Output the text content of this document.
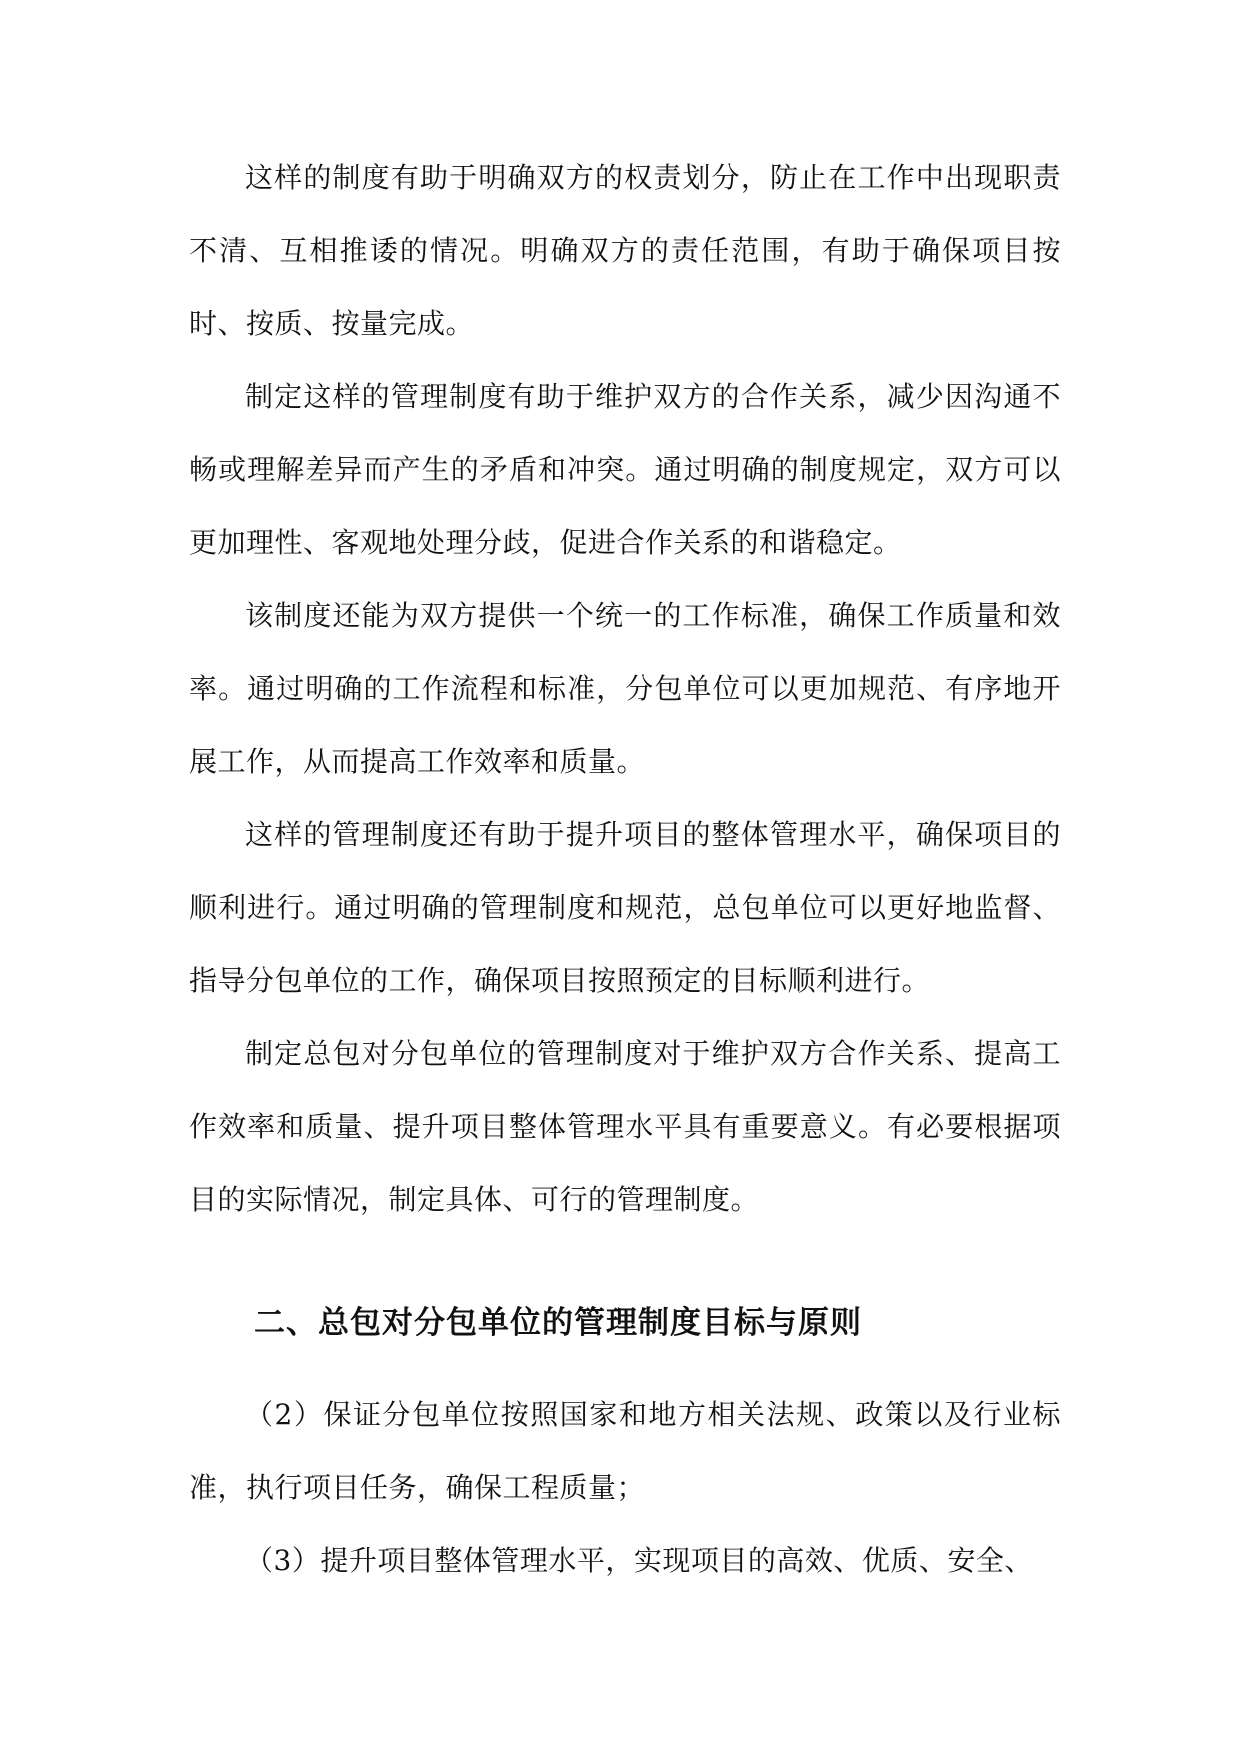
这样的制度有助于明确双方的权责划分，防止在工作中出现职责不清、互相推诿的情况。明确双方的责任范围，有助于确保项目按时、按质、按量完成。

制定这样的管理制度有助于维护双方的合作关系，减少因沟通不畅或理解差异而产生的矛盾和冲突。通过明确的制度规定，双方可以更加理性、客观地处理分歧，促进合作关系的和谐稳定。

该制度还能为双方提供一个统一的工作标准，确保工作质量和效率。通过明确的工作流程和标准，分包单位可以更加规范、有序地开展工作，从而提高工作效率和质量。

这样的管理制度还有助于提升项目的整体管理水平，确保项目的顺利进行。通过明确的管理制度和规范，总包单位可以更好地监督、指导分包单位的工作，确保项目按照预定的目标顺利进行。

制定总包对分包单位的管理制度对于维护双方合作关系、提高工作效率和质量、提升项目整体管理水平具有重要意义。有必要根据项目的实际情况，制定具体、可行的管理制度。

二、总包对分包单位的管理制度目标与原则

（2）保证分包单位按照国家和地方相关法规、政策以及行业标准，执行项目任务，确保工程质量；

（3）提升项目整体管理水平，实现项目的高效、优质、安全、
